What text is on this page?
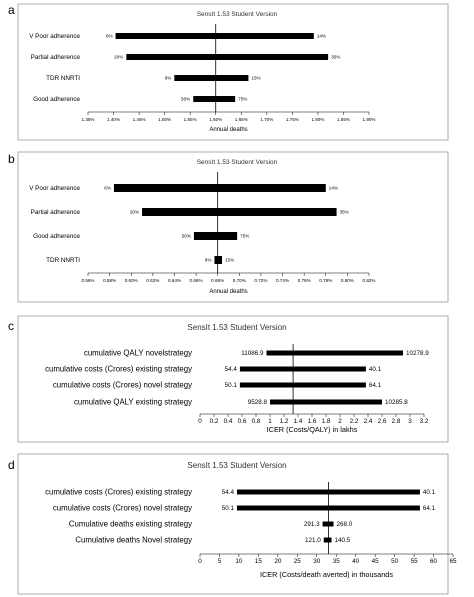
a	SensIt 1.53 Student Version
1.35%	1.40%	1.45%	1.50%	1.55%	1.60%	1.65%	1.70%	1.75%	1.80%	1.85%	1.90%
Annual deaths
V Poor adherence	6%	14%
Partial adherence	20%	35%
TDR NNRTI	9%	15%
Good adherence	50%	75%
b	SensIt 1.53 Student Version
0.56% 0.58% 0.60% 0.62% 0.64% 0.66% 0.68% 0.70% 0.72% 0.74% 0.76% 0.78% 0.80% 0.82%
Annual deaths
V Poor adherence	6%	14%
Partial adherence	20%	35%
Good adherence	50%	75%
TDR NNRTI	9%	15%
c	SensIt 1.53 Student Version
0 0.2 0.4 0.6 0.8 1 1.2 1.4 1.6 1.8 2 2.2 2.4 2.6 2.8 3 3.2
ICER (Costs/QALY) in lakhs
cumulative QALY novelstrategy	11086.9	10278.9
cumulative costs (Crores) existing strategy	54.4	40.1
cumulative costs (Crores) novel strategy	50.1	64.1
cumulative QALY existing strategy	9528.8	10285.8
d	SensIt 1.53 Student Version
0	5 10 15 20 25 30 35 40 45 50 55 60 65
ICER (Costs/death averted) in thousands
cumulative costs (Crores) existing strategy	54.4	40.1
cumulative costs (Crores) novel strategy	50.1	64.1
Cumulative deaths existing strategy	291.3	268.0
Cumulative deaths Novel strategy	121.0 140.5
